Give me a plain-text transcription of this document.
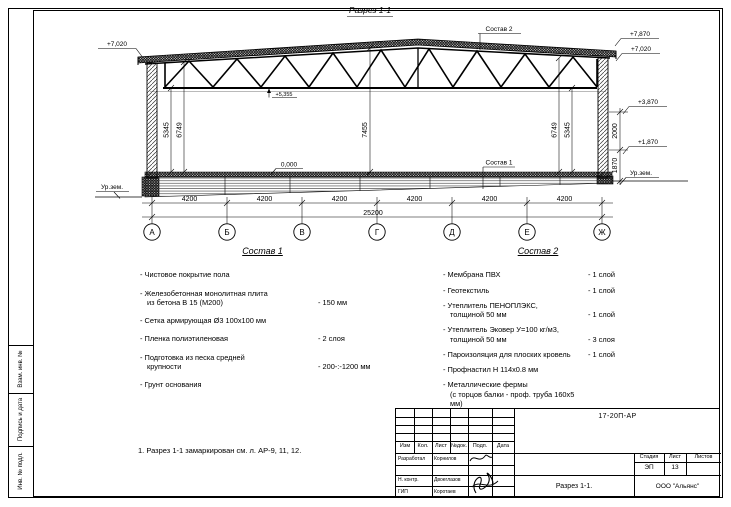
Взам. инв. №
Подпись и дата
Инв. № подл.
А	Б	В	Г	Д	Е	Ж
Разрез 1-1
Состав 2
Состав 1
+7,020
+7,870
+7,020
+3,870
+1,870
Ур.зем.
Ур.зем.
0,000
+5,355
5345 6749	7455	6749 5345	2000
1870
4200	4200	4200	4200	4200	4200
25200
Состав 1
- Чистовое покрытие пола
- Железобетонная монолитная плита
из бетона В 15 (М200)	- 150 мм
- Сетка армирующая Ø3 100х100 мм
- Пленка полиэтиленовая	- 2 слоя
- Подготовка из песка средней
крупности	- 200-:-1200 мм
- Грунт основания
Состав 2
- Мембрана ПВХ	- 1 слой
- Геотекстиль	- 1 слой
- Утеплитель ПЕНОПЛЭКС,
толщиной 50 мм	- 1 слой
- Утеплитель Эковер У=100 кг/м3,
толщиной 50 мм	- 3 слоя
- Пароизоляция для плоских кровель	- 1 слой
- Профнастил Н 114х0.8 мм
- Металлические фермы
(с торцов балки - проф. труба 160х5 мм)
1. Разрез 1-1 замаркирован см. л. АР-9, 11, 12.	Изм	Кол.	Лист №док.	Подп.	Дата
Разработал	Корнилов
Н. контр.	Двоеглазов
ГИП	Коротаев
17-20П-АР
Стадия	Лист	Листов
ЭП	13
Разрез 1-1.	ООО "Альянс"
